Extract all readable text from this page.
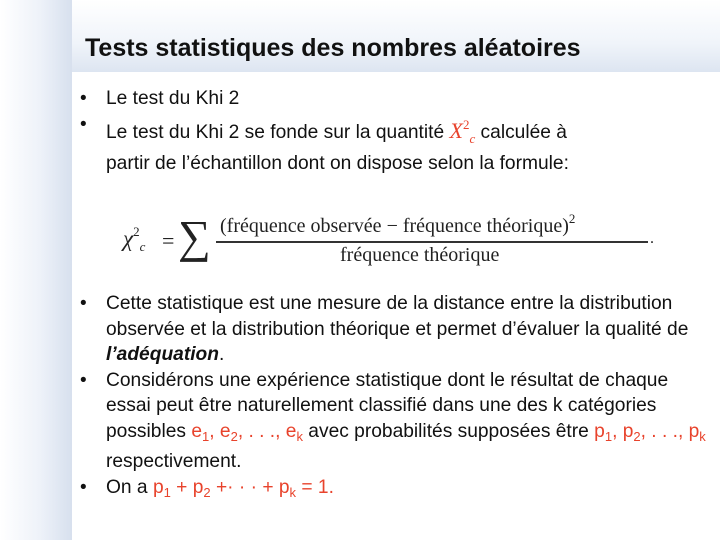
Tests statistiques des nombres aléatoires
• Le test du Khi 2
• Le test du Khi 2 se fonde sur la quantité $X^2_c$ calculée à
partir de l’échantillon dont on dispose selon la formule:
$\chi^2_c$ = ∑ (fréquence observée − fréquence théorique)$^2$
fréquence théorique
.
• Cette statistique est une mesure de la distance entre la distribution observée et la distribution théorique et permet d’évaluer la qualité de l’adéquation.
• Considérons une expérience statistique dont le résultat de chaque essai peut être naturellement classifié dans une des k catégories possibles $e_1$, $e_2$, . . ., $e_k$ avec probabilités supposées être $p_1$, $p_2$, . . ., $p_k$ respectivement.
• On a $p_1 + p_2$ +· · · + $p_k = 1$.
